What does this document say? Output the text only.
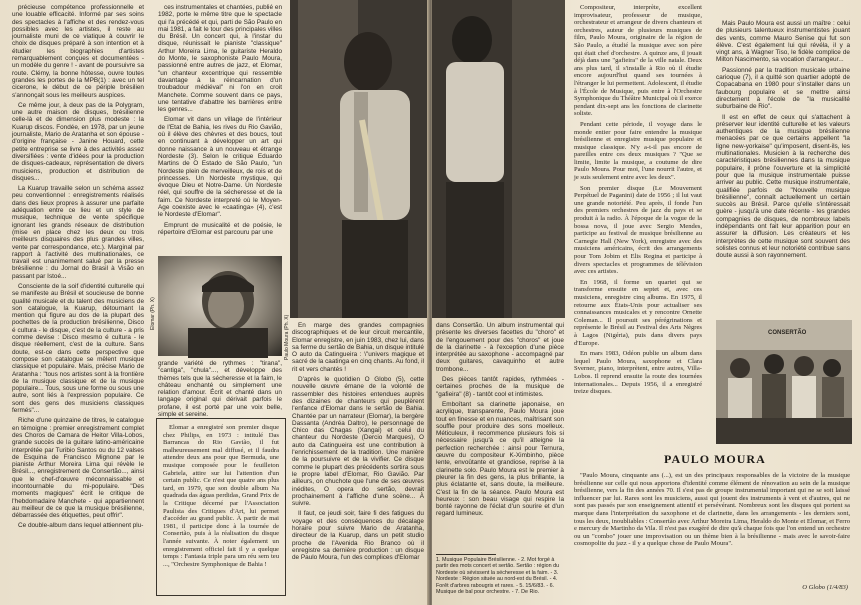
précieuse compétence professionnelle et une louable efficacité. Informé par ses soins des spectacles à l'affiche et des rendez-vous possibles avec les artistes, il reste au journaliste muni de ce viatique à couvrir le choix de disques préparé à son intention et à étudier les biographies d'artistes remarquablement conçues et documentées - un modèle du genre ! - avant de poursuivre sa route. Clémy, la bonne hôtesse, ouvre toutes grandes les portes de la MPB(1) : avec un tel cicerone, le début de ce périple brésilien s'annonçait sous les meilleurs auspices.

Ce même jour, à deux pas de la Polygram, une autre maison de disques, brésilienne celle-là et de dimension plus modeste : la Kuarup discos. Fondée, en 1978, par un jeune journaliste, Mario de Aratanha et son épouse - d'origine française - Janine Houard, cette petite entreprise se livre à des activités assez diversifiées : vente d'idées pour la production de disques-cadeaux, représentation de divers musiciens, production et distribution de disques...

La Kuarup travaille selon un schéma assez peu conventionnel : enregistrements réalisés dans des lieux propres à assurer une parfaite adéquation entre ce lieu et un style de musique, technique de vente spécifique ignorant les grands réseaux de distribution (mise en place chez les deux ou trois meilleurs disquaires des plus grandes villes, vente par correspondance, etc.). Marginal par rapport à l'activité des multinationales, ce travail est unanimement salué par la presse brésilienne : du Jornal do Brasil à Visão en passant par Istoé...

Consciente de la soif d'identité culturelle qui se manifeste au Brésil et soucieuse de bonne qualité musicale et du talent des musiciens de son catalogue, la Kuarup, détournant la mention qui figure au dos de la plupart des pochettes de la production brésilienne, Disco é cultura - le disque, c'est de la culture - a pris comme devise : Disco mesmo é cultura - le disque réellement, c'est de la culture. Sans doute, est-ce dans cette perspective que compose son catalogue se mêlent musique classique et populaire. Mais, précise Mario de Aratanha : "tous nos artistes sont à la frontière de la musique classique et de la musique populaire... Tous, sous une forme ou sous une autre, sont liés à l'expression populaire. Ce sont des gens des musiciens classiques fermés"...

Riche d'une quinzaine de titres, le catalogue en témoigne : premier enregistrement complet des Choros de Camara de Heitor Villa-Lobos, grande succès de la guitare latino-américaine interprétée par Turibio Santos ou du 12 valses de Esquina de Francisco Mignone par le pianiste Arthur Moreira Lima qui révèle le Brésil..., enregistrement de Consertão..., ainsi que le chef-d'œuvre méconnaissable et incontournable du mi-populaire. "Des moments magiques" écrit le critique de l'hebdomadaire Manchete - qui appartiennent au meilleur de ce que la musique brésilienne, débarrassée des étiquettes, peut offrir".

Ce double-album dans lequel attiennent plu-

ces instrumentales et chantées, publié en 1982, porte le même titre que le spectacle qui l'a précédé et qui, parti de São Paulo en mai 1981, a fait le tour des principales villes du Brésil. Un concert qui, à l'instar du disque, réunissait le pianiste "classique" Arthur Moreira Lima, le guitariste Heraldo do Monte, le saxophoniste Paulo Moura, passionné entre autres de jazz, et Elomar, "un chanteur excentrique qui ressemble davantage à la réincarnation d'un troubadour médiéval" ni l'on en croit Manchete. Comme souvent dans ce pays, une tentative d'abattre les barrières entre les genres...

Elomar vit dans un village de l'intérieur de l'Etat de Bahia, les rives du Rio Gavião, où il élève des chèvres et des boucs, tout en continuant à développer un art qui donne naissance à un nouveau et étrange Nordeste (3). Selon le critique Eduardo Martins de O Estado de São Paulo, "un Nordeste plein de merveilleux, de rois et de princesses. Un Nordeste mystique, qui évoque Dieu et Notre-Dame. Un Nordeste réel, qui souffre de la sécheresse et de la faim. Ce Nordeste interpreté où le Moyen-Age coexiste avec le «caatinga» (4), c'est le Nordeste d'Elomar".

Emprunt de musicalité et de poésie, le répertoire d'Elomar est parcouru par une

Elomar (Ph. X)

grande variété de rythmes : "tirana", "cantiga", "chula"..., et développe des thèmes tels que la sécheresse et la faim, le château enchanté ou simplement une relation d'amour. Écrit et chanté dans un langage original qui dérivait parfois le profane, il est porté par une voix belle, simple et sereine.

Elomar a enregistré son premier disque chez Philips, en 1973 : intitulé Das Barrancas do Rio Gavião, il fut malheureusement mal diffusé, et il faudra attendre deux ans pour que Bermuda, une musique composée pour le feuilleton Gabriela, attire sur lui l'attention d'un certain public. Ce n'est que quatre ans plus tard, en 1979, que son double album Na quadrada das águas perdidas, Grand Prix de la Critique décerné par l'Association Paulista des Critiques d'Art, lui permet d'accéder au grand public. À partir de mai 1981, il participe donc à la tournée de Consertão, puis à la réalisation du disque l'année suivante. À noter également un enregistrement officiel fait il y a quelque temps : Fantasia triple para um réu sem teu ..., "Orchestre Symphonique de Bahia !
Paulo Moura (Ph. X)	En marge des grandes compagnies discographiques et de leur circuit mercantile, Elomar enregistre, en juin 1983, chez lui, dans sa ferme du sertão de Bahia, un disque intitulé O auto da Catingueira : \"univers magique et sacré de la caatinga en cinq chants. Au fond, il rit et vers chantés !

D'après le quotidien O Globo (5), cette nouvelle œuvre émane de la volonté de rassembler des histoires entendues auprès des dizaines de chanteurs qui peuplèrent l'enfance d'Elomar dans le sertão de Bahia. Chantée par un narrateur (Elomar), la bergère Dassanta (Andréa Daltro), le personnage de Chico das Chagas (Xangai) et celui du chanteur du Nordeste (Dercio Marques), O auto da Catingueira est une contribution à l'enrichissement de la tradition. Une manière de la poursuivre et de la vivifier. Ce disque comme le plupart des précédents sortira sous le propre label d'Elomar, Rio Gavião. Par ailleurs, on chuchote que l'une de ses œuvres inédites, O opera do sertão, devrait prochainement à l'affiche d'une scène... À suivre.

Il faut, ce jeudi soir, faire fi des fatigues du voyage et des conséquences du décalage horaire pour suivre Mario de Aratanha, directeur de la Kuarup, dans un petit studio proche de l'Avenida Rio Branco où il enregistre sa dernière production : un disque de Paulo Moura, l'un des complices d'Elomar

dans Consertão. Un album instrumental qui présente les diverses facettes du "choro" et de l'engouement pour des "choros" et joue de la clarinette - à l'exception d'une pièce interprétée au saxophone - accompagné par deux guitares, cavaquinho et autre trombone...

Des pièces tantôt rapides, rythmées - certaines proches de la musique de "gafieira" (8) - tantôt cool et intimistes.

Emboîtant sa clarinette japonaise, en acrylique, transparente, Paulo Moura joue tout en finesse et en nuances, maîtrisant son souffle pour produire des sons moelleux. Méticuleux, il recommence plusieurs fois si nécessaire jusqu'à ce qu'il atteigne la perfection recherchée : ainsi pour Ternura, œuvre du compositeur K-Ximbinho, pièce lente, envoûtante et grandiose, reprise à la clarinette solo. Paulo Moura est le premier à pleurer la fin des gens, la plus brillante, la plus éclatante et, sans doute, la meilleure. C'est la fin de la séance. Paulo Moura est heureux : son beau visage qui respire la bonté rayonne de l'éclat d'un sourire et d'un regard lumineux.

1. Musique Populaire Brésilienne. - 2. Mot forgé à partir des mots concert et sertão. Sertão : région du Nordeste où sévissent la sécheresse et la faim. - 3. Nordeste : Région située au nord-est du Brésil. - 4. Forêt d'arbres rabougris et rares. - 5. 15/6/83. - 6. Musique de bal pour orchestre. - 7. De Rio.

Compositeur, interprète, excellent improvisateur, professeur de musique, orchestrateur et arrangeur de divers chanteurs et orchestres, auteur de plusieurs musiques de film, Paulo Moura, originaire de la région de São Paulo, a étudié la musique avec son père qui était chef d'orchestre. A quinze ans, il jouait déjà dans une "gafieira" de la ville natale. Deux ans plus tard, il s'installe à Rio où il étudie encore aujourd'hui quand ses tournées à l'étranger le lui permettent. Adolescent, il étudie à l'École de Musique, puis entre à l'Orchestre Symphonique du Théâtre Municipal où il exerce pendant dix-sept ans les fonctions de clarinette soliste.

Pendant cette période, il voyage dans le monde entier pour faire entendre la musique brésilienne et enregistre musique populaire et musique classique. N'y a-t-il pas encore de pareilles entre ces deux musiques ? "Que se limite, limite la musique, a coutume de dire Paulo Moura. Pour moi, l'une nourrit l'autre, et je suis seulement entre avec les deux".

Son premier disque (Le Mouvement Perpétuel de Paganini) date de 1956 ; il lui vaut une grande notoriété. Peu après, il fonde l'un des premiers orchestres de jazz du pays et se produit à la radio. À l'époque de la vogue de la bossa nova, il joue avec Sergio Mendes, participe au festival de musique brésilienne au Carnegie Hall (New York), enregistre avec des musiciens américains, écrit des arrangements pour Tom Jobim et Elis Regina et participe à divers spectacles et programmes de télévision avec ces artistes.

En 1968, il forme un quartet qui se transforme ensuite en septet et, avec ces musiciens, enregistre cinq albums. En 1975, il retourne aux États-Unis pour actualiser ses connaissances musicales et y rencontre Ornette Coleman... Il poursuit ses pérégrinations et représente le Brésil au Festival des Arts Nègres à Lagos (Nigéria), puis dans divers pays d'Europe.

En mars 1983, Odéon publie un album dans lequel Paulo Moura, saxophone et Clara Sverner, piano, interprètent, entre autres, Villa-Lobos. Il reprend ensuite la route des tournées internationales... Depuis 1956, il a enregistré treize disques.

Mais Paulo Moura est aussi un maître : celui de plusieurs talentueux instrumentistes jouant des vents, comme Mauro Senise qui fut son élève. C'est également lui qui révéla, il y a vingt ans, à Wagner Tiso, le fidèle complice de Milton Nascimento, sa vocation d'arrangeur...

Passionné par la tradition musicale urbaine carioque (7), il a quitté son quartier adopté de Copacabana en 1980 pour s'installer dans un faubourg populaire et se mettre ainsi directement à l'école de "la musicalité suburbaine de Rio".

Il est en effet de ceux qui s'attachent à préserver leur identité culturelle et les valeurs authentiques de la musique brésilienne menacées par ce que certains appellent "la ligne new-yorkaise" qu'imposent, disent-ils, les multinationales. Musicien à la recherche des caractéristiques brésiliennes dans la musique populaire, il prône l'ouverture et la simplicité pour que la musique instrumentale puisse arriver au public. Cette musique instrumentale, qualifiée parfois de "Nouvelle musique brésilienne", connaît actuellement un certain succès au Brésil. Parce qu'elle s'intéressait guère - jusqu'à une date récente - les grandes compagnies de disques, de nombreux labels indépendants ont fait leur apparition pour en assurer la diffusion. Les créateurs et les interprètes de cette musique sont souvent des solistes connus et leur notoriété contribue sans doute aussi à son rayonnement.

CONSERTÃO
PAULO MOURA
"Paulo Moura, cinquante ans (...), est un des principaux responsables de la victoire de la musique brésilienne sur celle qui nous apportons d'identité comme élément de rénovation au sein de la musique brésilienne, vers la fin des années 70. Il s'est pas de groupe instrumental important qui ne se soit laissé influencer par lui. Rares sont les musiciens, aussi qui jouent des instruments à vent et d'autres, qui ne sont pas passés par son enseignement attentif et persévérant. Nombreux sont les disques qui portent sa marque dans l'interprétation du saxophone et de clarinette, dans les arrangements - les derniers sont, tous les deux, inoubliables : Consertão avec Arthur Moreira Lima, Heraldo do Monte et Elomar, et Ferro e mercury de Martinho da Vila. Il n'est pas exagéré de dire qu'à chaque fois que l'on entend un orchestre ou un "combo" jouer une improvisation ou un thème bien à la brésilienne - mais avec le savoir-faire cosmopolite du jazz - il y a quelque chose de Paulo Moura".
O Globo (1/4/83)
